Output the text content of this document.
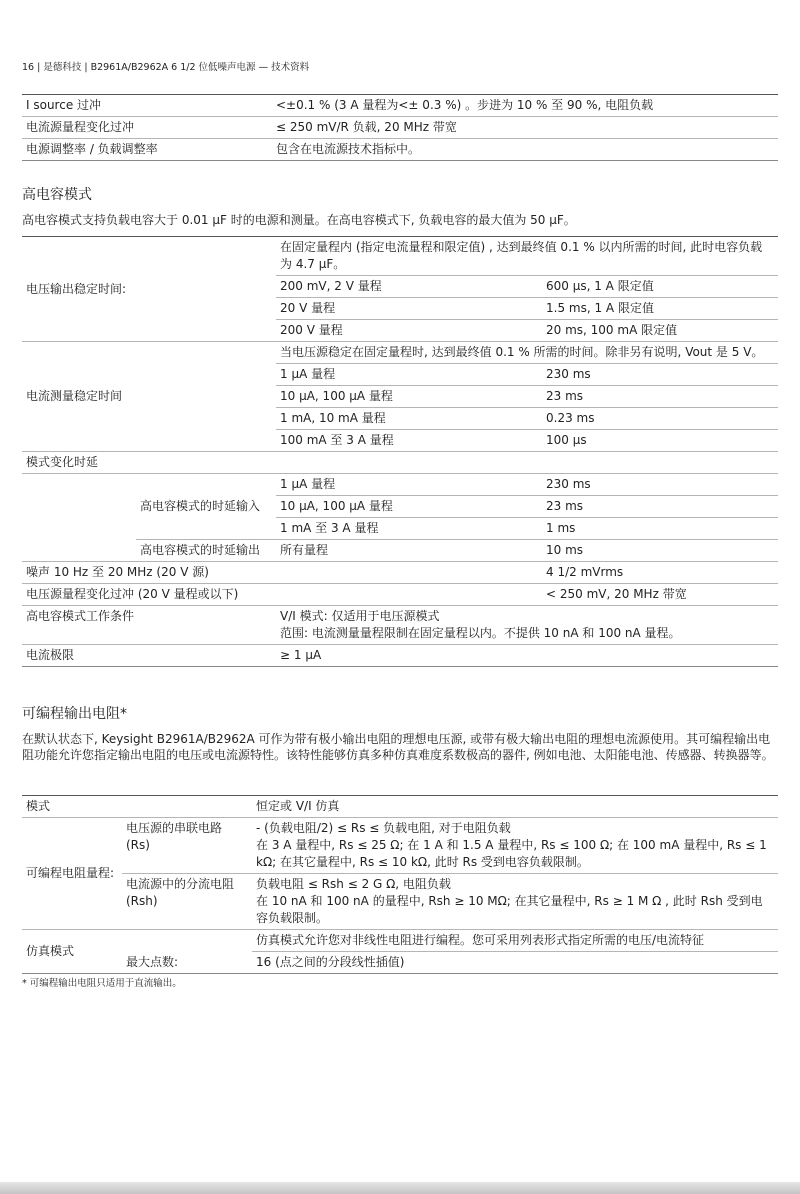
16 | 是德科技 | B2961A/B2962A 6 1/2 位低噪声电源 — 技术资料
I source 过冲	<±0.1 % (3 A 量程为<± 0.3 %) 。步进为 10 % 至 90 %, 电阻负载
电流源量程变化过冲	≤ 250 mV/R 负载, 20 MHz 带宽
电源调整率 / 负载调整率	包含在电流源技术指标中。
高电容模式
高电容模式支持负载电容大于 0.01 µF 时的电源和测量。在高电容模式下, 负载电容的最大值为 50 µF。
电压输出稳定时间:		在固定量程内 (指定电流量程和限定值) , 达到最终值 0.1 % 以内所需的时间, 此时电容负载为 4.7 µF。	
		200 mV, 2 V 量程	600 µs, 1 A 限定值
		20 V 量程	1.5 ms, 1 A 限定值
		200 V 量程	20 ms, 100 mA 限定值
电流测量稳定时间		当电压源稳定在固定量程时, 达到最终值 0.1 % 所需的时间。除非另有说明, Vout 是 5 V。	
		1 µA 量程	230 ms
		10 µA, 100 µA 量程	23 ms
		1 mA, 10 mA 量程	0.23 ms
		100 mA 至 3 A 量程	100 µs
模式变化时延			
	高电容模式的时延输入	1 µA 量程	230 ms
		10 µA, 100 µA 量程	23 ms
		1 mA 至 3 A 量程	1 ms
	高电容模式的时延输出	所有量程	10 ms
噪声 10 Hz 至 20 MHz (20 V 源)			4 1/2 mVrms
电压源量程变化过冲 (20 V 量程或以下)			< 250 mV, 20 MHz 带宽
高电容模式工作条件		V/I 模式: 仅适用于电压源模式
范围: 电流测量量程限制在固定量程以内。不提供 10 nA 和 100 nA 量程。	

电流极限		≥ 1 µA	
可编程输出电阻*
在默认状态下, Keysight B2961A/B2962A 可作为带有极小输出电阻的理想电压源, 或带有极大输出电阻的理想电流源使用。其可编程输出电阻功能允许您指定输出电阻的电压或电流源特性。该特性能够仿真多种仿真难度系数极高的器件, 例如电池、太阳能电池、传感器、转换器等。
模式		恒定或 V/I 仿真
可编程电阻量程:	电压源的串联电路 (Rs)	- (负载电阻/2) ≤ Rs ≤ 负载电阻, 对于电阻负载
在 3 A 量程中, Rs ≤ 25 Ω; 在 1 A 和 1.5 A 量程中, Rs ≤ 100 Ω; 在 100 mA 量程中, Rs ≤ 1 kΩ; 在其它量程中, Rs ≤ 10 kΩ, 此时 Rs 受到电容负载限制。

	电流源中的分流电阻 (Rsh)	负载电阻 ≤ Rsh ≤ 2 G Ω, 电阻负载
在 10 nA 和 100 nA 的量程中, Rsh ≥ 10 MΩ; 在其它量程中, Rs ≥ 1 M Ω , 此时 Rsh 受到电容负载限制。

仿真模式		仿真模式允许您对非线性电阻进行编程。您可采用列表形式指定所需的电压/电流特征
	最大点数:	16 (点之间的分段线性插值)
* 可编程输出电阻只适用于直流输出。
